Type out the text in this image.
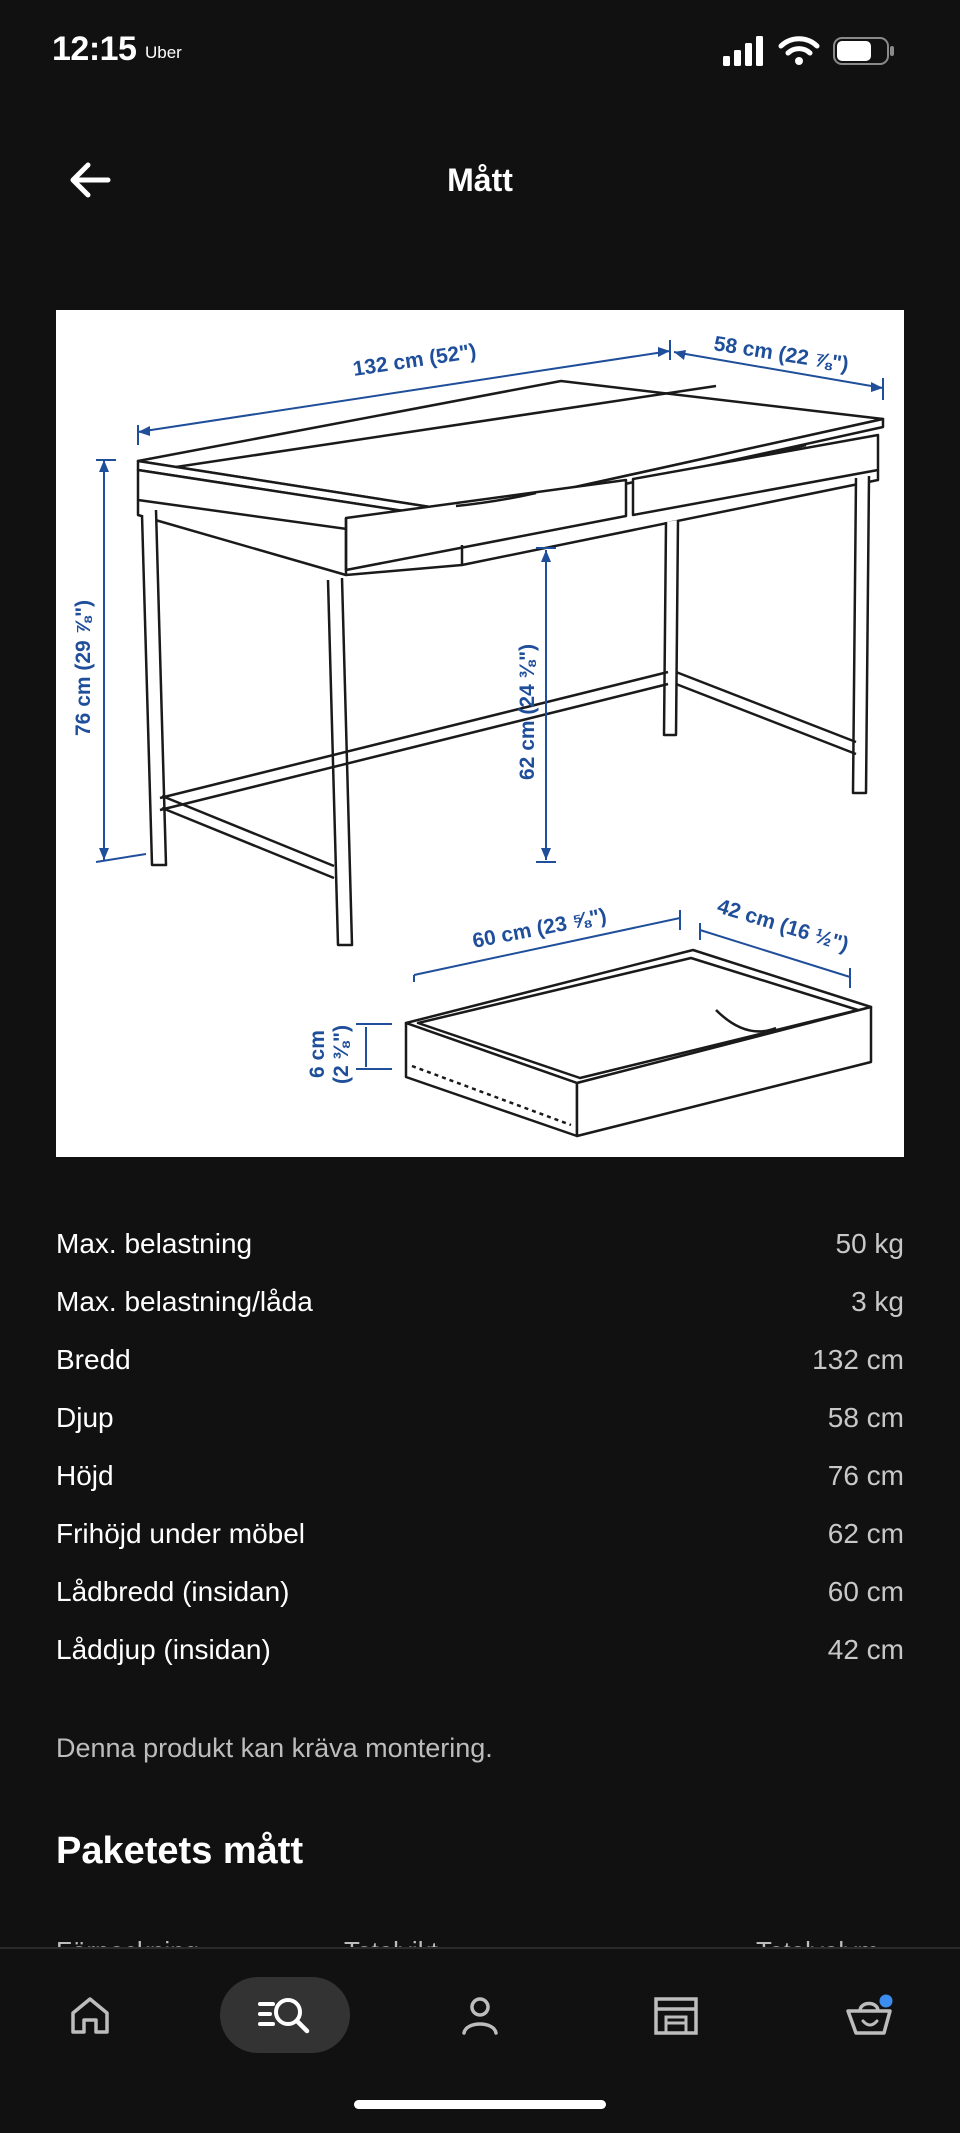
12:15 Uber
Mått
132 cm (52")	58 cm (22 ⅞")
76 cm (29 ⅞")	62 cm (24 ⅜")
60 cm (23 ⅝")	42 cm (16 ½")
6 cm (2 ⅜")
Max. belastning	50 kg
Max. belastning/låda	3 kg
Bredd	132 cm
Djup	58 cm
Höjd	76 cm
Frihöjd under möbel	62 cm
Lådbredd (insidan)	60 cm
Låddjup (insidan)	42 cm
Denna produkt kan kräva montering.
Paketets mått
